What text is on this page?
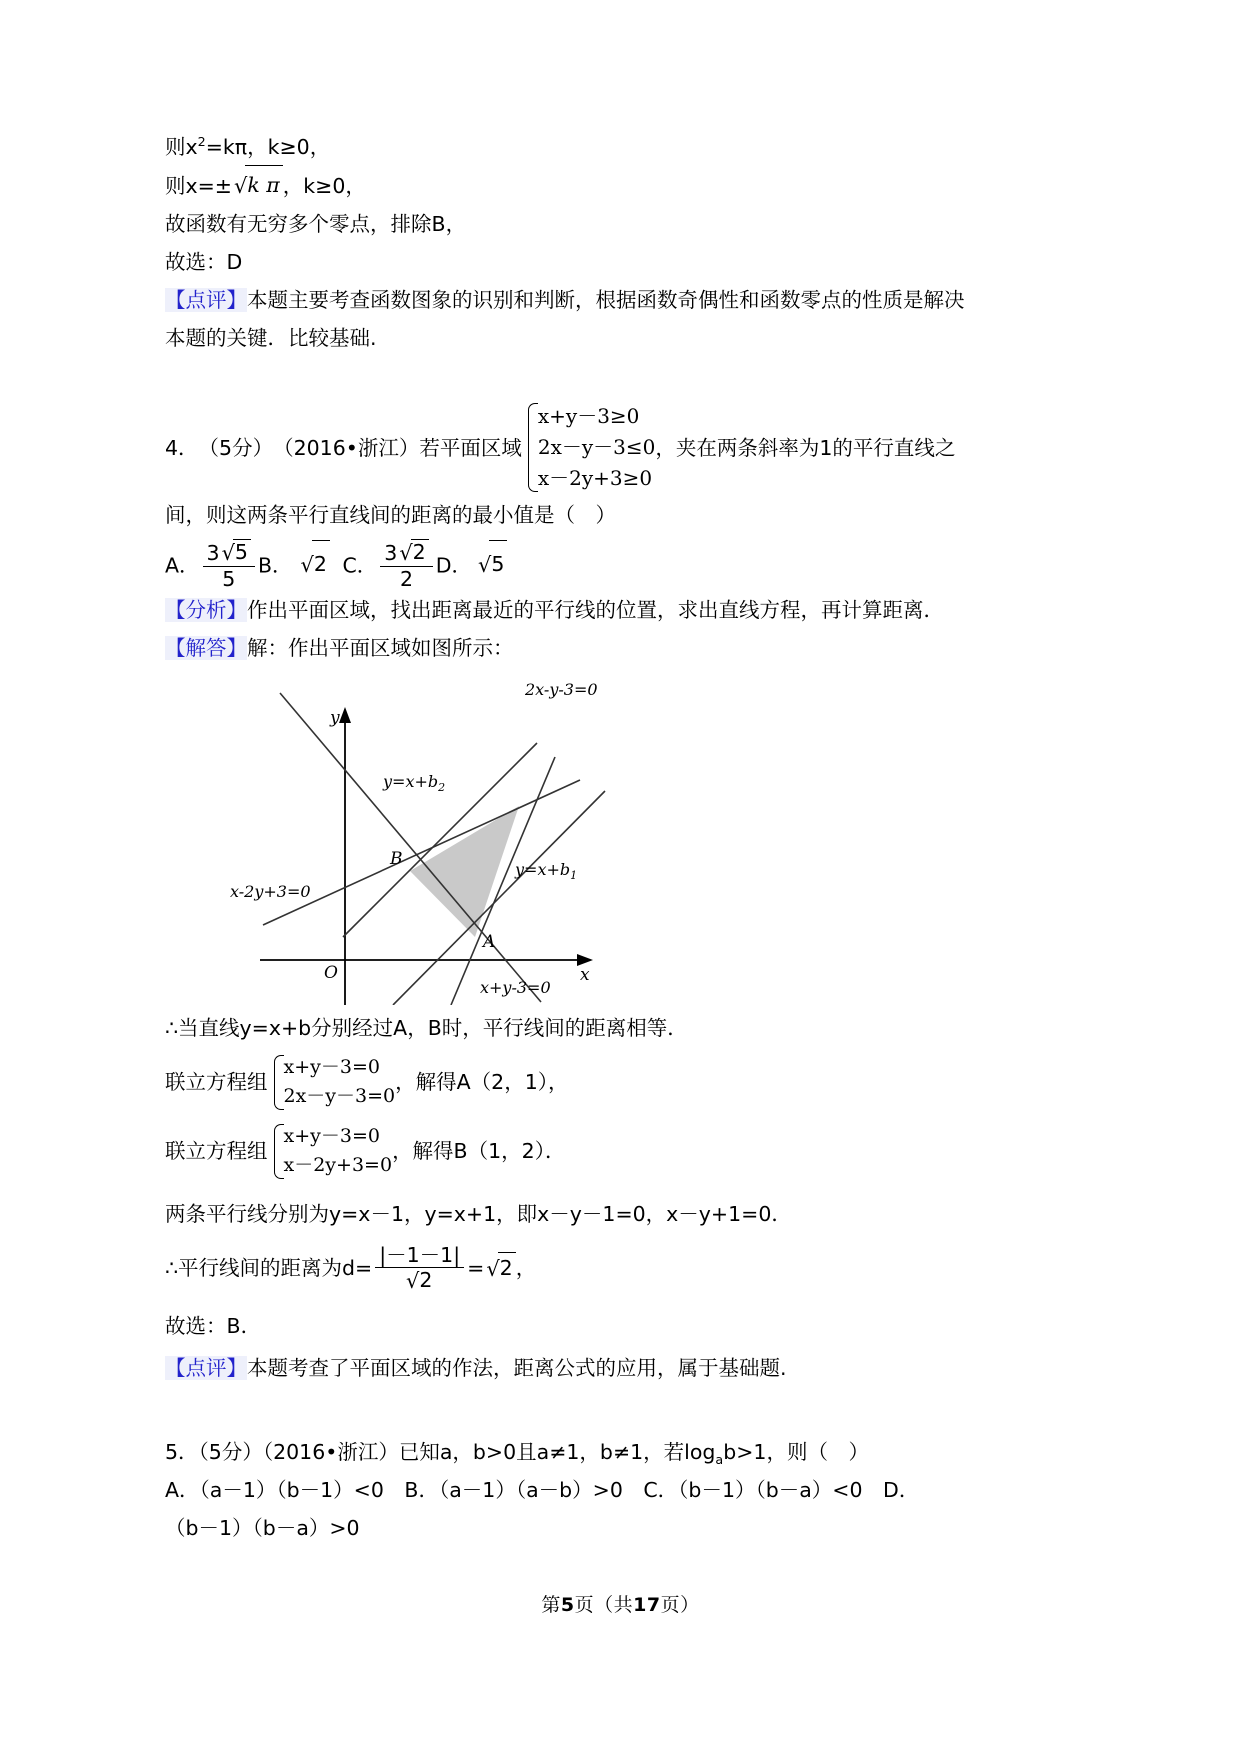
则$x^2=k\pi$，k≥0，
则x=±√k π ，k≥0，
故函数有无穷多个零点，排除B，
故选：D
【点评】本题主要考查函数图象的识别和判断，根据函数奇偶性和函数零点的性质是解决
本题的关键．比较基础.
4． （5分） （2016•浙江） 若平面区域
x+y－3≥0
2x－y－3≤0
x－2y+3≥0
，夹在两条斜率为1的平行直线之
间，则这两条平行直线间的距离的最小值是（　）
A． $\frac{3√5}{5}$ B． √2 C． $\frac{3√2}{2}$ D． √5
【分析】作出平面区域，找出距离最近的平行线的位置，求出直线方程，再计算距离．
【解答】解：作出平面区域如图所示：
y
x
O
B
A
2x-y-3=0
x-2y+3=0
x+y-3=0
$y=x+b_2$
$y=x+b_1$
∴当直线y=x+b分别经过A，B时，平行线间的距离相等．
联立方程组
x+y－3=0
2x－y－3=0
，解得A（2，1），
联立方程组
x+y－3=0
x－2y+3=0
，解得B（1，2）．
两条平行线分别为y=x－1，y=x+1，即x－y－1=0，x－y+1=0．
∴平行线间的距离为$d= \frac{|-1-1|}{√2} = √2$ ，
故选：B．
【点评】本题考查了平面区域的作法，距离公式的应用，属于基础题.
5．（5分）（2016•浙江）已知a，b>0且a≠1，b≠1，若$\log_ab>1$，则（　）
A．（a－1）（b－1）<0　B．（a－1）（a－b）>0　C．（b－1）（b－a）<0　D．
（b－1）（b－a）>0
第5页（共17页）
